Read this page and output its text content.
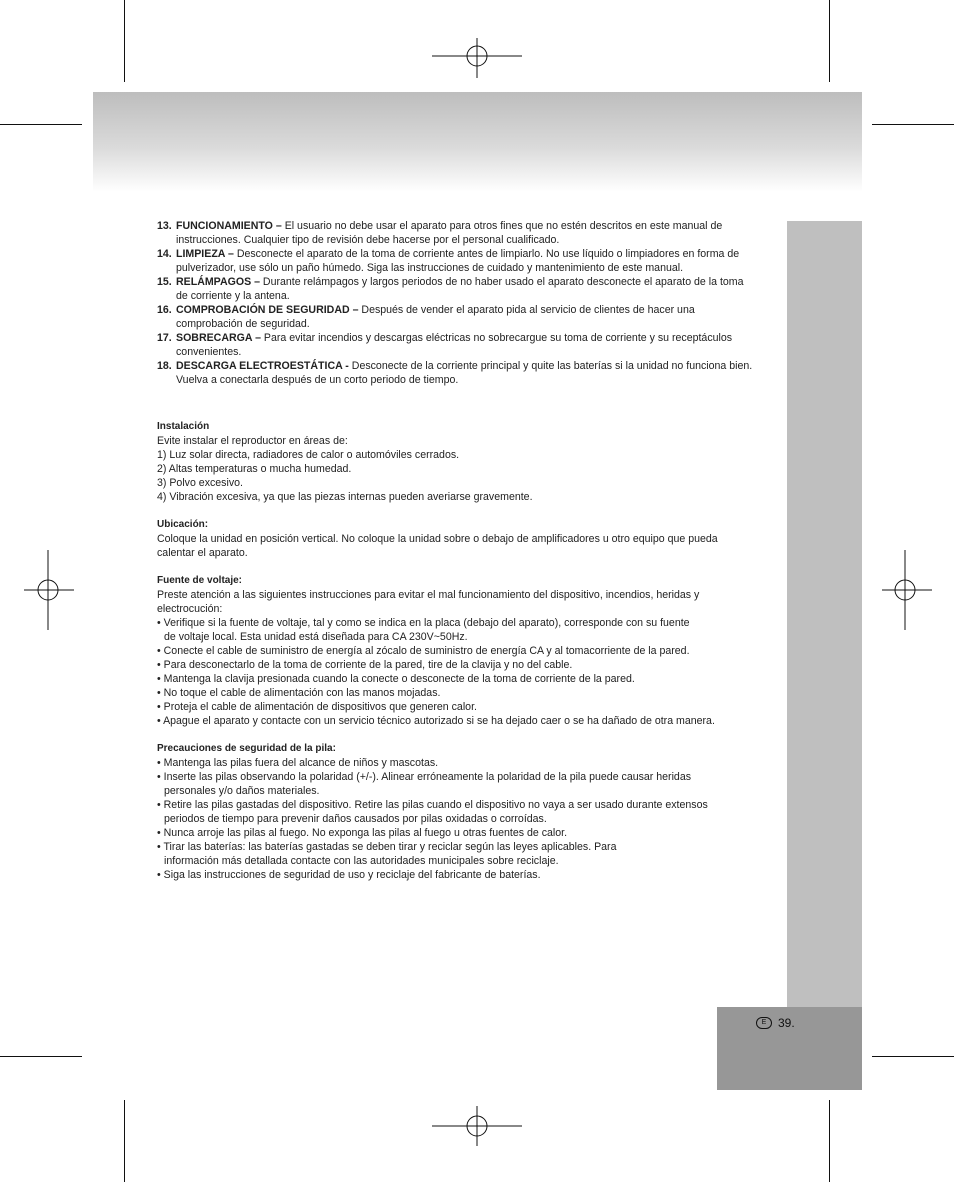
E 39.
13. FUNCIONAMIENTO – El usuario no debe usar el aparato para otros fines que no estén descritos en este manual de instrucciones. Cualquier tipo de revisión debe hacerse por el personal cualificado.
14. LIMPIEZA – Desconecte el aparato de la toma de corriente antes de limpiarlo. No use líquido o limpiadores en forma de pulverizador, use sólo un paño húmedo. Siga las instrucciones de cuidado y mantenimiento de este manual.
15. RELÁMPAGOS – Durante relámpagos y largos periodos de no haber usado el aparato desconecte el aparato de la toma de corriente y la antena.
16. COMPROBACIÓN DE SEGURIDAD – Después de vender el aparato pida al servicio de clientes de hacer una comprobación de seguridad.
17. SOBRECARGA – Para evitar incendios y descargas eléctricas no sobrecargue su toma de corriente y su receptáculos convenientes.
18. DESCARGA ELECTROESTÁTICA - Desconecte de la corriente principal y quite las baterías si la unidad no funciona bien. Vuelva a conectarla después de un corto periodo de tiempo.

Instalación

Evite instalar el reproductor en áreas de:

1) Luz solar directa, radiadores de calor o automóviles cerrados.

2) Altas temperaturas o mucha humedad.

3) Polvo excesivo.

4) Vibración excesiva, ya que las piezas internas pueden averiarse gravemente.

Ubicación:

Coloque la unidad en posición vertical. No coloque la unidad sobre o debajo de amplificadores u otro equipo que pueda calentar el aparato.

Fuente de voltaje:

Preste atención a las siguientes instrucciones para evitar el mal funcionamiento del dispositivo, incendios, heridas y electrocución:

• Verifique si la fuente de voltaje, tal y como se indica en la placa (debajo del aparato), corresponde con su fuente de voltaje local. Esta unidad está diseñada para CA 230V~50Hz.

• Conecte el cable de suministro de energía al zócalo de suministro de energía CA y al tomacorriente de la pared.

• Para desconectarlo de la toma de corriente de la pared, tire de la clavija y no del cable.

• Mantenga la clavija presionada cuando la conecte o desconecte de la toma de corriente de la pared.

• No toque el cable de alimentación con las manos mojadas.

• Proteja el cable de alimentación de dispositivos que generen calor.

• Apague el aparato y contacte con un servicio técnico autorizado si se ha dejado caer o se ha dañado de otra manera.

Precauciones de seguridad de la pila:

• Mantenga las pilas fuera del alcance de niños y mascotas.

• Inserte las pilas observando la polaridad (+/-). Alinear erróneamente la polaridad de la pila puede causar heridas personales y/o daños materiales.

• Retire las pilas gastadas del dispositivo. Retire las pilas cuando el dispositivo no vaya a ser usado durante extensos periodos de tiempo para prevenir daños causados por pilas oxidadas o corroídas.

• Nunca arroje las pilas al fuego. No exponga las pilas al fuego u otras fuentes de calor.

• Tirar las baterías: las baterías gastadas se deben tirar y reciclar según las leyes aplicables. Para información más detallada contacte con las autoridades municipales sobre reciclaje.

• Siga las instrucciones de seguridad de uso y reciclaje del fabricante de baterías.
